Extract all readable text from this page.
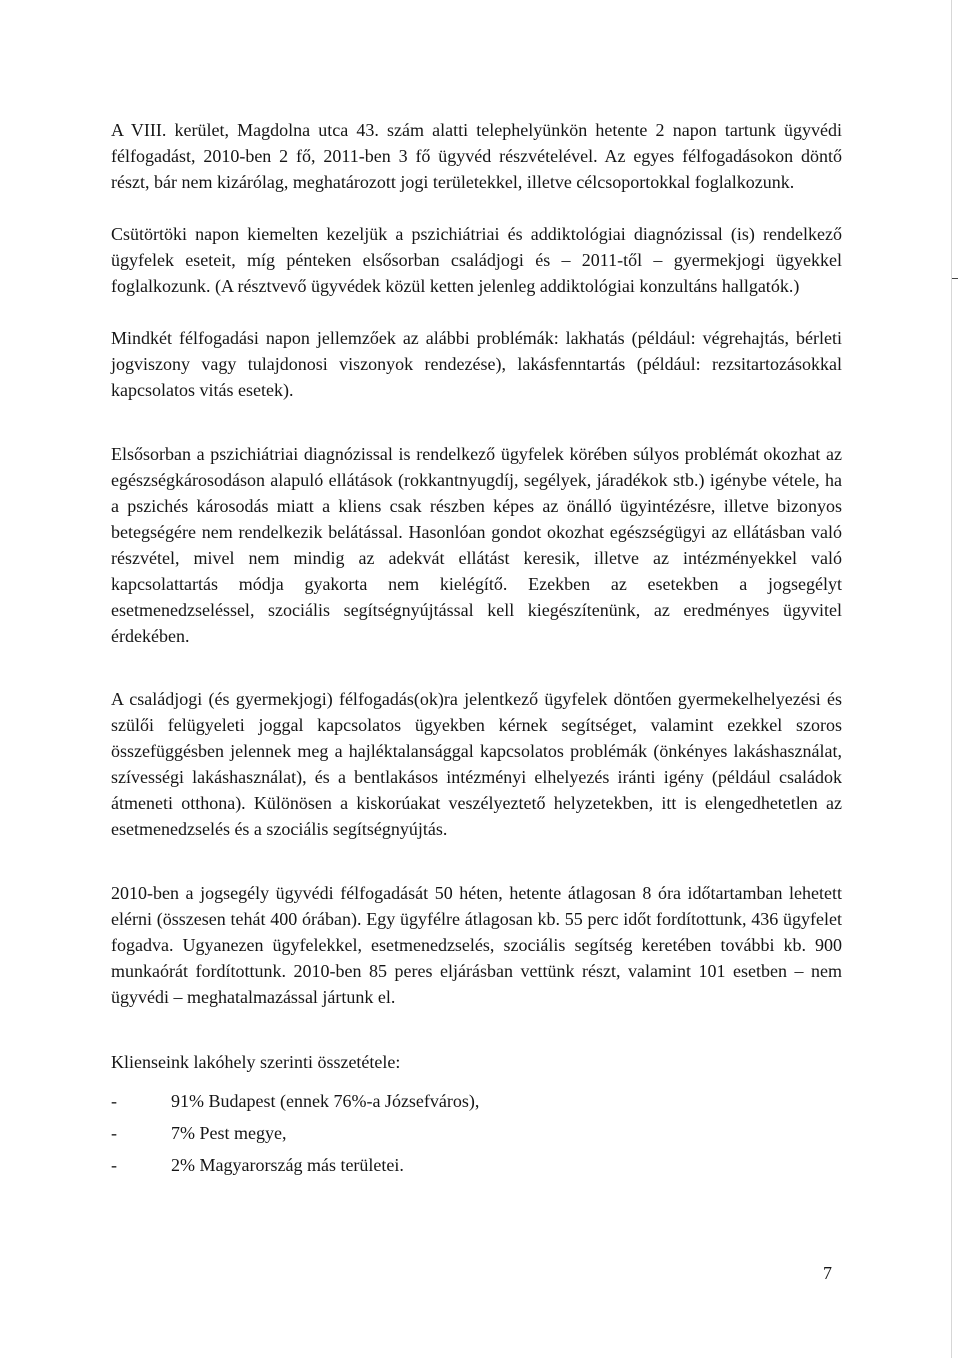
A VIII. kerület, Magdolna utca 43. szám alatti telephelyünkön hetente 2 napon tartunk ügyvédi félfogadást, 2010-ben 2 fő, 2011-ben 3 fő ügyvéd részvételével. Az egyes félfogadásokon döntő részt, bár nem kizárólag, meghatározott jogi területekkel, illetve célcsoportokkal foglalkozunk.

Csütörtöki napon kiemelten kezeljük a pszichiátriai és addiktológiai diagnózissal (is) rendelkező ügyfelek eseteit, míg pénteken elsősorban családjogi és – 2011-től – gyermekjogi ügyekkel foglalkozunk. (A résztvevő ügyvédek közül ketten jelenleg addiktológiai konzultáns hallgatók.)

Mindkét félfogadási napon jellemzőek az alábbi problémák: lakhatás (például: végrehajtás, bérleti jogviszony vagy tulajdonosi viszonyok rendezése), lakásfenntartás (például: rezsitartozásokkal kapcsolatos vitás esetek).

Elsősorban a pszichiátriai diagnózissal is rendelkező ügyfelek körében súlyos problémát okozhat az egészségkárosodáson alapuló ellátások (rokkantnyugdíj, segélyek, járadékok stb.) igénybe vétele, ha a pszichés károsodás miatt a kliens csak részben képes az önálló ügyintézésre, illetve bizonyos betegségére nem rendelkezik belátással. Hasonlóan gondot okozhat egészségügyi az ellátásban való részvétel, mivel nem mindig az adekvát ellátást keresik, illetve az intézményekkel való kapcsolattartás módja gyakorta nem kielégítő. Ezekben az esetekben a jogsegélyt esetmenedzseléssel, szociális segítségnyújtással kell kiegészítenünk, az eredményes ügyvitel érdekében.

A családjogi (és gyermekjogi) félfogadás(ok)ra jelentkező ügyfelek döntően gyermekelhelyezési és szülői felügyeleti joggal kapcsolatos ügyekben kérnek segítséget, valamint ezekkel szoros összefüggésben jelennek meg a hajléktalansággal kapcsolatos problémák (önkényes lakáshasználat, szívességi lakáshasználat), és a bentlakásos intézményi elhelyezés iránti igény (például családok átmeneti otthona). Különösen a kiskorúakat veszélyeztető helyzetekben, itt is elengedhetetlen az esetmenedzselés és a szociális segítségnyújtás.

2010-ben a jogsegély ügyvédi félfogadását 50 héten, hetente átlagosan 8 óra időtartamban lehetett elérni (összesen tehát 400 órában). Egy ügyfélre átlagosan kb. 55 perc időt fordítottunk, 436 ügyfelet fogadva. Ugyanezen ügyfelekkel, esetmenedzselés, szociális segítség keretében további kb. 900 munkaórát fordítottunk. 2010-ben 85 peres eljárásban vettünk részt, valamint 101 esetben – nem ügyvédi – meghatalmazással jártunk el.

Klienseink lakóhely szerinti összetétele:

-	91% Budapest (ennek 76%-a Józsefváros),
-	7% Pest megye,
-	2% Magyarország más területei.
7
